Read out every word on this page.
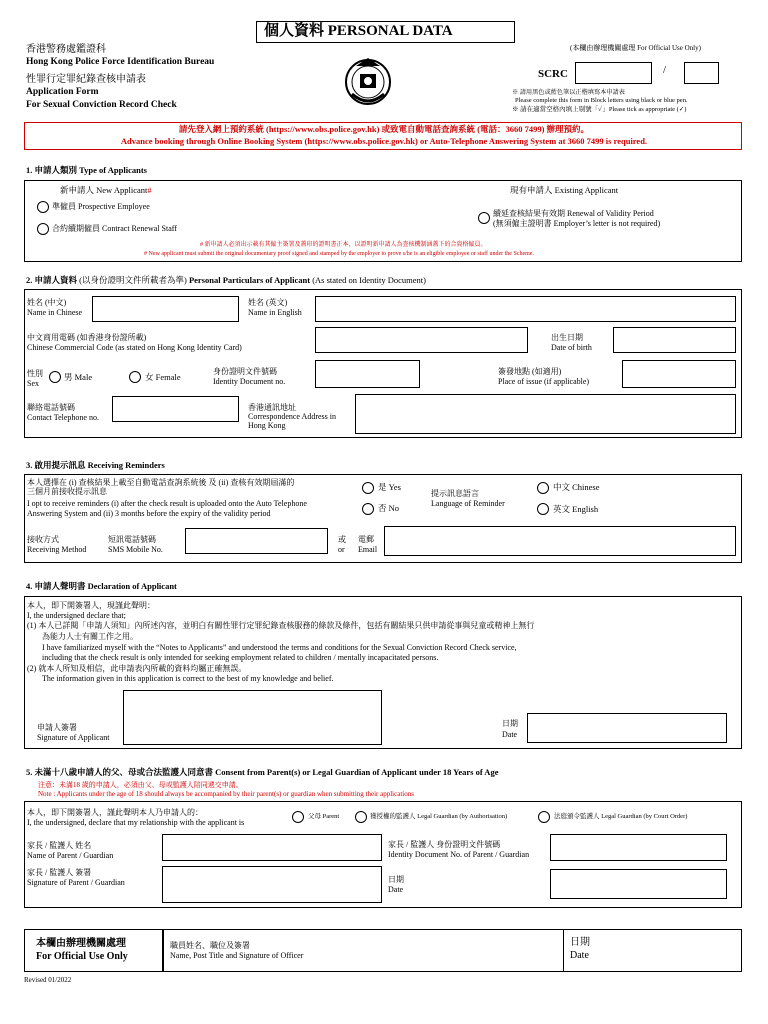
個人資料 PERSONAL DATA
香港警務處鑑證科
Hong Kong Police Force Identification Bureau
性罪行定罪紀錄查核申請表
Application Form
For Sexual Conviction Record Check
(本欄由辦理機關處理 For Official Use Only)
SCRC	/
※ 請用黑色或藍色筆以正楷填寫本申請表
Please complete this form in Block letters using black or blue pen.
※ 請在適當空格內填上剔號「✓」Please tick as appropriate (✓)
請先登入網上預約系統 (https://www.obs.police.gov.hk) 或致電自動電話查詢系統 (電話：3660 7499) 辦理預約。
Advance booking through Online Booking System (https://www.obs.police.gov.hk) or Auto-Telephone Answering System at 3660 7499 is required.
1. 申請人類別 Type of Applicants
新申請人 New Applicant#
準僱員 Prospective Employee
合約續期僱員 Contract Renewal Staff
現有申請人 Existing Applicant
續延查核結果有效期 Renewal of Validity Period
(無須僱主證明書 Employer’s letter is not required)
# 新申請人必須出示載有其僱主簽署及蓋印的證明書正本，以證明新申請人為查核機制涵蓋下的合資格僱員。
# New applicant must submit the original documentary proof signed and stamped by the employer to prove s/he is an eligible employee or staff under the Scheme.
2. 申請人資料 (以身份證明文件所載者為準) Personal Particulars of Applicant (As stated on Identity Document)
姓名 (中文)
Name in Chinese
姓名 (英文)
Name in English
中文商用電碼 (如香港身份證所載)
Chinese Commercial Code (as stated on Hong Kong Identity Card)
出生日期
Date of birth
性別
Sex
男 Male	女 Female
身份證明文件號碼
Identity Document no.
簽發地點 (如適用)
Place of issue (if applicable)
聯絡電話號碼
Contact Telephone no.
香港通訊地址
Correspondence Address in
Hong Kong
3. 啟用提示訊息 Receiving Reminders
本人選擇在 (i) 查核結果上載至自動電話查詢系統後 及 (ii) 查核有效期屆滿的
三個月前接收提示訊息
I opt to receive reminders (i) after the check result is uploaded onto the Auto Telephone
Answering System and (ii) 3 months before the expiry of the validity period
是 Yes
否 No
提示訊息語言
Language of Reminder
中文 Chinese
英文 English
接收方式
Receiving Method
短訊電話號碼
SMS Mobile No.
或
or
電郵
Email
4. 申請人聲明書 Declaration of Applicant
本人，即下開簽署人，現謹此聲明：
I, the undersigned declare that;
(1) 本人已詳閱「申請人須知」內所述內容，並明白有關性罪行定罪紀錄查核服務的條款及條件，包括有關結果只供申請從事與兒童或精神上無行
為能力人士有關工作之用。
I have familiarized myself with the “Notes to Applicants” and understood the terms and conditions for the Sexual Conviction Record Check service,
including that the check result is only intended for seeking employment related to children / mentally incapacitated persons.
(2) 就本人所知及相信，此申請表內所載的資料均屬正確無誤。
The information given in this application is correct to the best of my knowledge and belief.
申請人簽署
Signature of Applicant
日期
Date
5. 未滿十八歲申請人的父、母或合法監護人同意書 Consent from Parent(s) or Legal Guardian of Applicant under 18 Years of Age
注意：未滿18 歲的申請人，必須由父、母或監護人陪同遞交申請。
Note : Applicants under the age of 18 should always be accompanied by their parent(s) or guardian when submitting their applications
本人，即下開簽署人，謹此聲明本人乃申請人的：
I, the undersigned, declare that my relationship with the applicant is
父母 Parent	獲授權的監護人 Legal Guardian (by Authorisation)	法庭頒令監護人 Legal Guardian (by Court Order)
家長 / 監護人 姓名
Name of Parent / Guardian
家長 / 監護人 身份證明文件號碼
Identity Document No. of Parent / Guardian
家長 / 監護人 簽署
Signature of Parent / Guardian	日期
Date
本欄由辦理機關處理
For Official Use Only
職員姓名、職位及簽署
Name, Post Title and Signature of Officer
日期
Date
Revised 01/2022
